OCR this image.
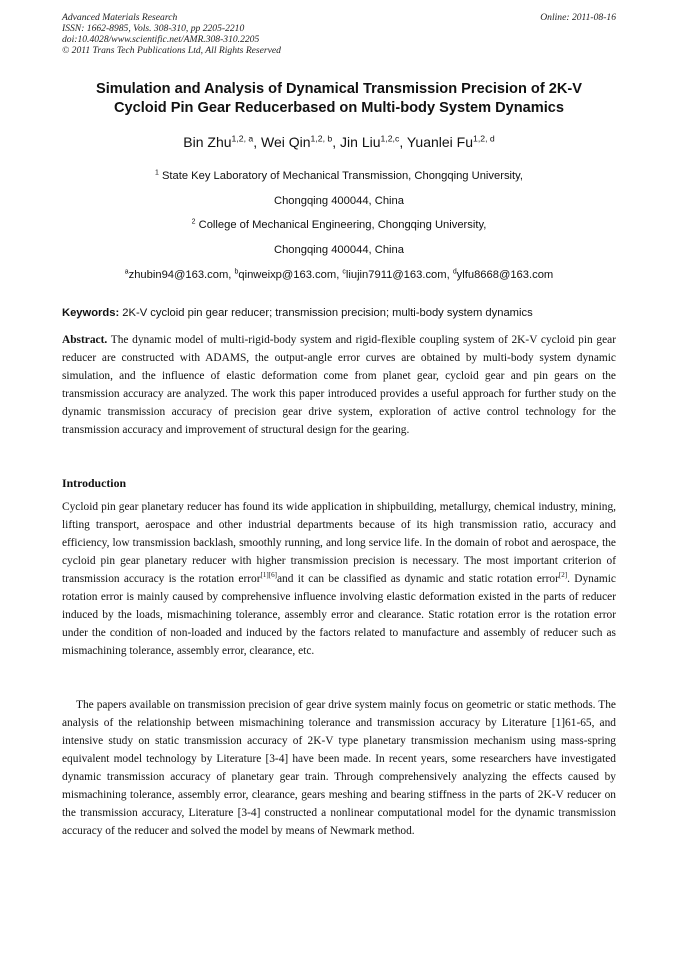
Advanced Materials Research
ISSN: 1662-8985, Vols. 308-310, pp 2205-2210
doi:10.4028/www.scientific.net/AMR.308-310.2205
© 2011 Trans Tech Publications Ltd, All Rights Reserved
Online: 2011-08-16
Simulation and Analysis of Dynamical Transmission Precision of 2K-V
Cycloid Pin Gear Reducerbased on Multi-body System Dynamics
Bin Zhu$^{1,2, a}$, Wei Qin$^{1,2, b}$, Jin Liu$^{1,2,c}$, Yuanlei Fu$^{1,2, d}$
$^1$ State Key Laboratory of Mechanical Transmission, Chongqing University,
Chongqing 400044, China
$^2$ College of Mechanical Engineering, Chongqing University,
Chongqing 400044, China
$^a$zhubin94@163.com, $^b$qinweixp@163.com, $^c$liujin7911@163.com, $^d$ylfu8668@163.com
Keywords: 2K-V cycloid pin gear reducer; transmission precision; multi-body system dynamics
Abstract. The dynamic model of multi-rigid-body system and rigid-flexible coupling system of 2K-V cycloid pin gear reducer are constructed with ADAMS, the output-angle error curves are obtained by multi-body system dynamic simulation, and the influence of elastic deformation come from planet gear, cycloid gear and pin gears on the transmission accuracy are analyzed. The work this paper introduced provides a useful approach for further study on the dynamic transmission accuracy of precision gear drive system, exploration of active control technology for the transmission accuracy and improvement of structural design for the gearing.
Introduction
Cycloid pin gear planetary reducer has found its wide application in shipbuilding, metallurgy, chemical industry, mining, lifting transport, aerospace and other industrial departments because of its high transmission ratio, accuracy and efficiency, low transmission backlash, smoothly running, and long service life. In the domain of robot and aerospace, the cycloid pin gear planetary reducer with higher transmission precision is necessary. The most important criterion of transmission accuracy is the rotation error[1][6]and it can be classified as dynamic and static rotation error[2]. Dynamic rotation error is mainly caused by comprehensive influence involving elastic deformation existed in the parts of reducer induced by the loads, mismachining tolerance, assembly error and clearance. Static rotation error is the rotation error under the condition of non-loaded and induced by the factors related to manufacture and assembly of reducer such as mismachining tolerance, assembly error, clearance, etc.
The papers available on transmission precision of gear drive system mainly focus on geometric or static methods. The analysis of the relationship between mismachining tolerance and transmission accuracy by Literature [1]61-65, and intensive study on static transmission accuracy of 2K-V type planetary transmission mechanism using mass-spring equivalent model technology by Literature [3-4] have been made. In recent years, some researchers have investigated dynamic transmission accuracy of planetary gear train. Through comprehensively analyzing the effects caused by mismachining tolerance, assembly error, clearance, gears meshing and bearing stiffness in the parts of 2K-V reducer on the transmission accuracy, Literature [3-4] constructed a nonlinear computational model for the dynamic transmission accuracy of the reducer and solved the model by means of Newmark method.
